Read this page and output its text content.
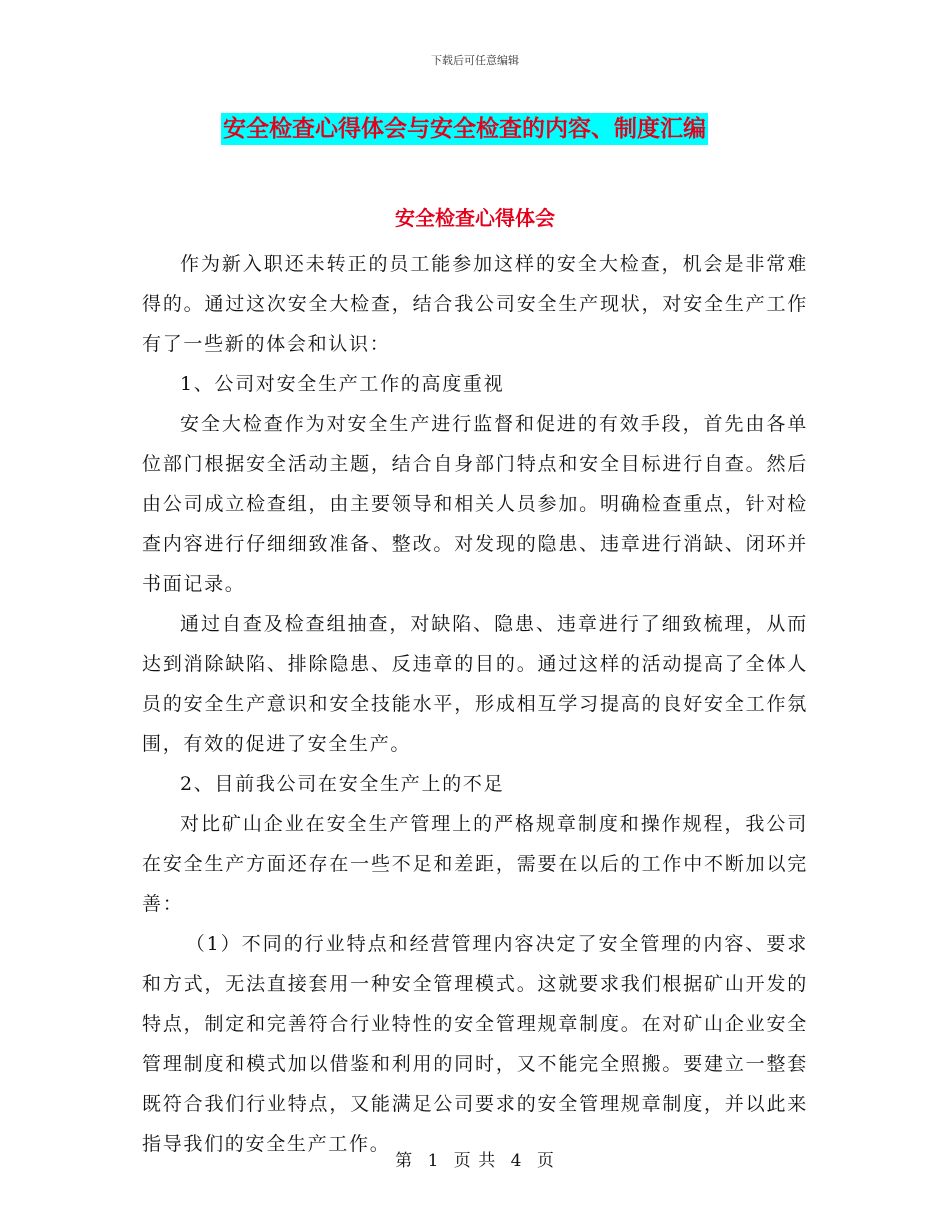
下载后可任意编辑
安全检查心得体会与安全检查的内容、制度汇编
安全检查心得体会

作为新入职还未转正的员工能参加这样的安全大检查，机会是非常难得的。通过这次安全大检查，结合我公司安全生产现状，对安全生产工作有了一些新的体会和认识：

1、公司对安全生产工作的高度重视

安全大检查作为对安全生产进行监督和促进的有效手段，首先由各单位部门根据安全活动主题，结合自身部门特点和安全目标进行自查。然后由公司成立检查组，由主要领导和相关人员参加。明确检查重点，针对检查内容进行仔细细致准备、整改。对发现的隐患、违章进行消缺、闭环并书面记录。

通过自查及检查组抽查，对缺陷、隐患、违章进行了细致梳理，从而达到消除缺陷、排除隐患、反违章的目的。通过这样的活动提高了全体人员的安全生产意识和安全技能水平，形成相互学习提高的良好安全工作氛围，有效的促进了安全生产。

2、目前我公司在安全生产上的不足

对比矿山企业在安全生产管理上的严格规章制度和操作规程，我公司在安全生产方面还存在一些不足和差距，需要在以后的工作中不断加以完善：

（1）不同的行业特点和经营管理内容决定了安全管理的内容、要求和方式，无法直接套用一种安全管理模式。这就要求我们根据矿山开发的特点，制定和完善符合行业特性的安全管理规章制度。在对矿山企业安全管理制度和模式加以借鉴和利用的同时，又不能完全照搬。要建立一整套既符合我们行业特点，又能满足公司要求的安全管理规章制度，并以此来指导我们的安全生产工作。

第 1 页 共 4 页
